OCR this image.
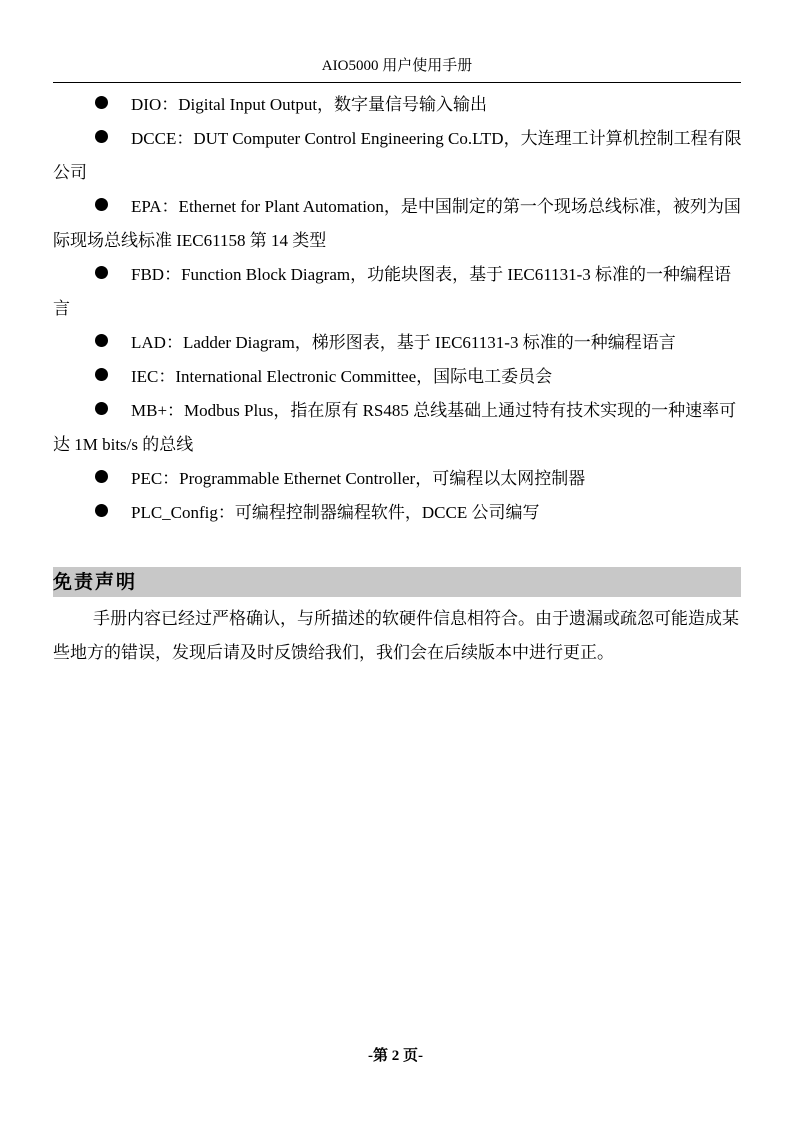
AIO5000 用户使用手册
DIO：Digital Input Output，数字量信号输入输出
DCCE：DUT Computer Control Engineering Co.LTD，大连理工计算机控制工程有限公司
EPA：Ethernet for Plant Automation，是中国制定的第一个现场总线标准，被列为国际现场总线标准 IEC61158 第 14 类型
FBD：Function Block Diagram，功能块图表，基于 IEC61131-3 标准的一种编程语言
LAD：Ladder Diagram，梯形图表，基于 IEC61131-3 标准的一种编程语言
IEC：International Electronic Committee，国际电工委员会
MB+：Modbus Plus，指在原有 RS485 总线基础上通过特有技术实现的一种速率可达 1M bits/s 的总线
PEC：Programmable Ethernet Controller，可编程以太网控制器
PLC_Config：可编程控制器编程软件，DCCE 公司编写
免责声明
手册内容已经过严格确认，与所描述的软硬件信息相符合。由于遗漏或疏忽可能造成某些地方的错误，发现后请及时反馈给我们，我们会在后续版本中进行更正。
-第 2 页-
